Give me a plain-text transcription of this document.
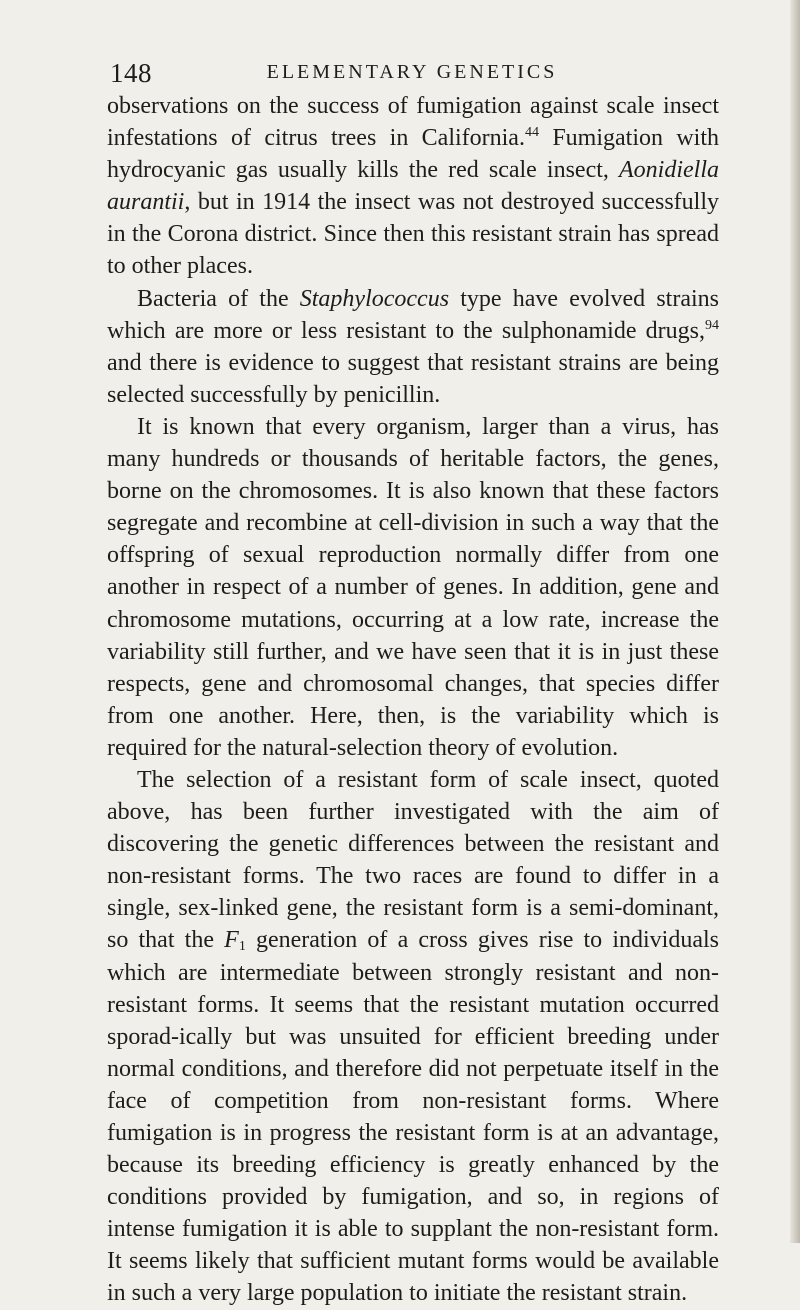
148	ELEMENTARY GENETICS

observations on the success of fumigation against scale insect infestations of citrus trees in California.$^{44}$ Fumigation with hydrocyanic gas usually kills the red scale insect, Aonidiella aurantii, but in 1914 the insect was not destroyed successfully in the Corona district. Since then this resistant strain has spread to other places.

Bacteria of the Staphylococcus type have evolved strains which are more or less resistant to the sulphonamide drugs,$^{94}$ and there is evidence to suggest that resistant strains are being selected successfully by penicillin.

It is known that every organism, larger than a virus, has many hundreds or thousands of heritable factors, the genes, borne on the chromosomes. It is also known that these factors segregate and recombine at cell-division in such a way that the offspring of sexual reproduction normally differ from one another in respect of a number of genes. In addition, gene and chromosome mutations, occurring at a low rate, increase the variability still further, and we have seen that it is in just these respects, gene and chromosomal changes, that species differ from one another. Here, then, is the variability which is required for the natural-selection theory of evolution.

The selection of a resistant form of scale insect, quoted above, has been further investigated with the aim of discovering the genetic differences between the resistant and non-resistant forms. The two races are found to differ in a single, sex-linked gene, the resistant form is a semi-dominant, so that the $F_1$ generation of a cross gives rise to individuals which are intermediate between strongly resistant and non-resistant forms. It seems that the resistant mutation occurred sporad-ically but was unsuited for efficient breeding under normal conditions, and therefore did not perpetuate itself in the face of competition from non-resistant forms. Where fumigation is in progress the resistant form is at an advantage, because its breeding efficiency is greatly enhanced by the conditions provided by fumigation, and so, in regions of intense fumigation it is able to supplant the non-resistant form. It seems likely that sufficient mutant forms would be available in such a very large population to initiate the resistant strain.
